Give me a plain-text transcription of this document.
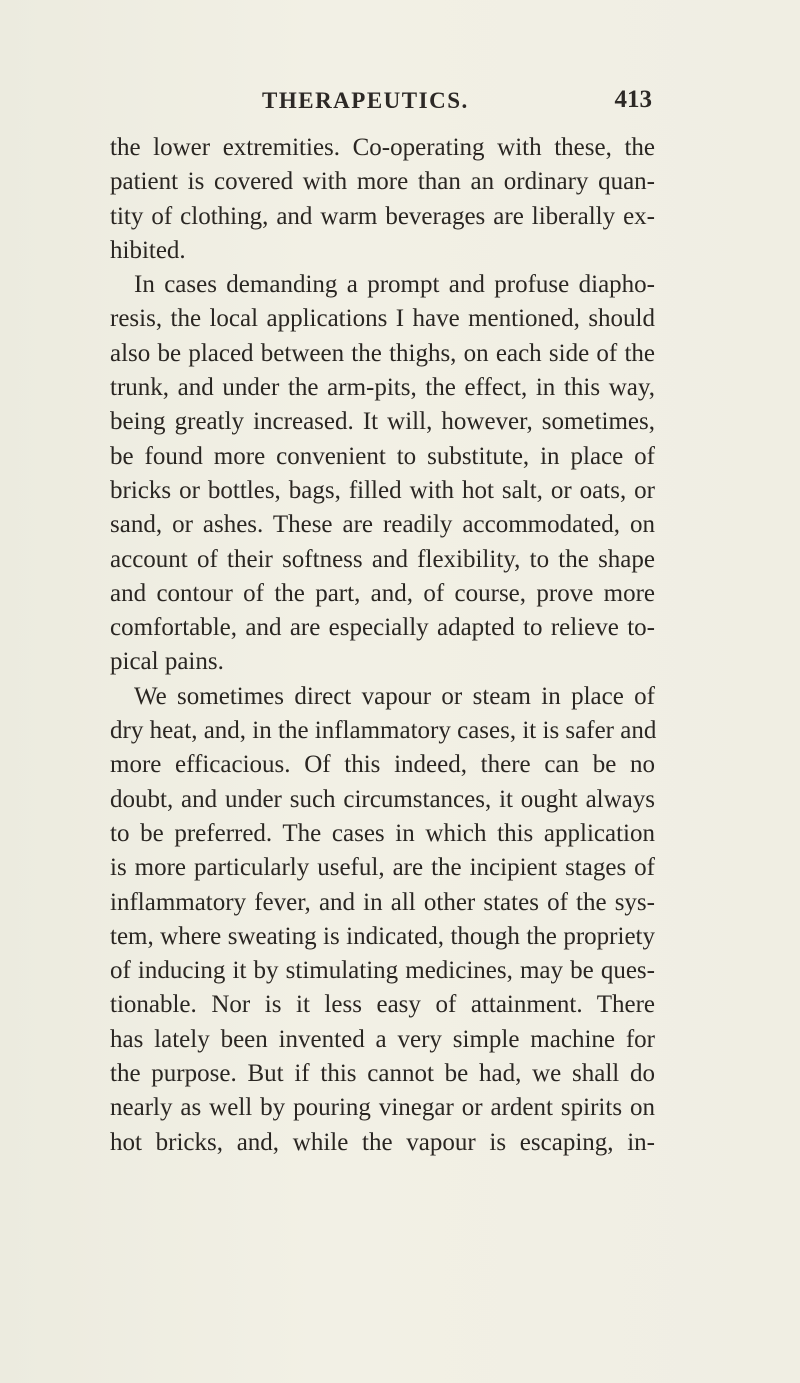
THERAPEUTICS.	413
the lower extremities. Co-operating with these, the
patient is covered with more than an ordinary quan-
tity of clothing, and warm beverages are liberally ex-
hibited.
In cases demanding a prompt and profuse diapho-
resis, the local applications I have mentioned, should
also be placed between the thighs, on each side of the
trunk, and under the arm-pits, the effect, in this way,
being greatly increased. It will, however, sometimes,
be found more convenient to substitute, in place of
bricks or bottles, bags, filled with hot salt, or oats, or
sand, or ashes. These are readily accommodated, on
account of their softness and flexibility, to the shape
and contour of the part, and, of course, prove more
comfortable, and are especially adapted to relieve to-
pical pains.
We sometimes direct vapour or steam in place of
dry heat, and, in the inflammatory cases, it is safer and
more efficacious. Of this indeed, there can be no
doubt, and under such circumstances, it ought always
to be preferred. The cases in which this application
is more particularly useful, are the incipient stages of
inflammatory fever, and in all other states of the sys-
tem, where sweating is indicated, though the propriety
of inducing it by stimulating medicines, may be ques-
tionable. Nor is it less easy of attainment. There
has lately been invented a very simple machine for
the purpose. But if this cannot be had, we shall do
nearly as well by pouring vinegar or ardent spirits on
hot bricks, and, while the vapour is escaping, in-
